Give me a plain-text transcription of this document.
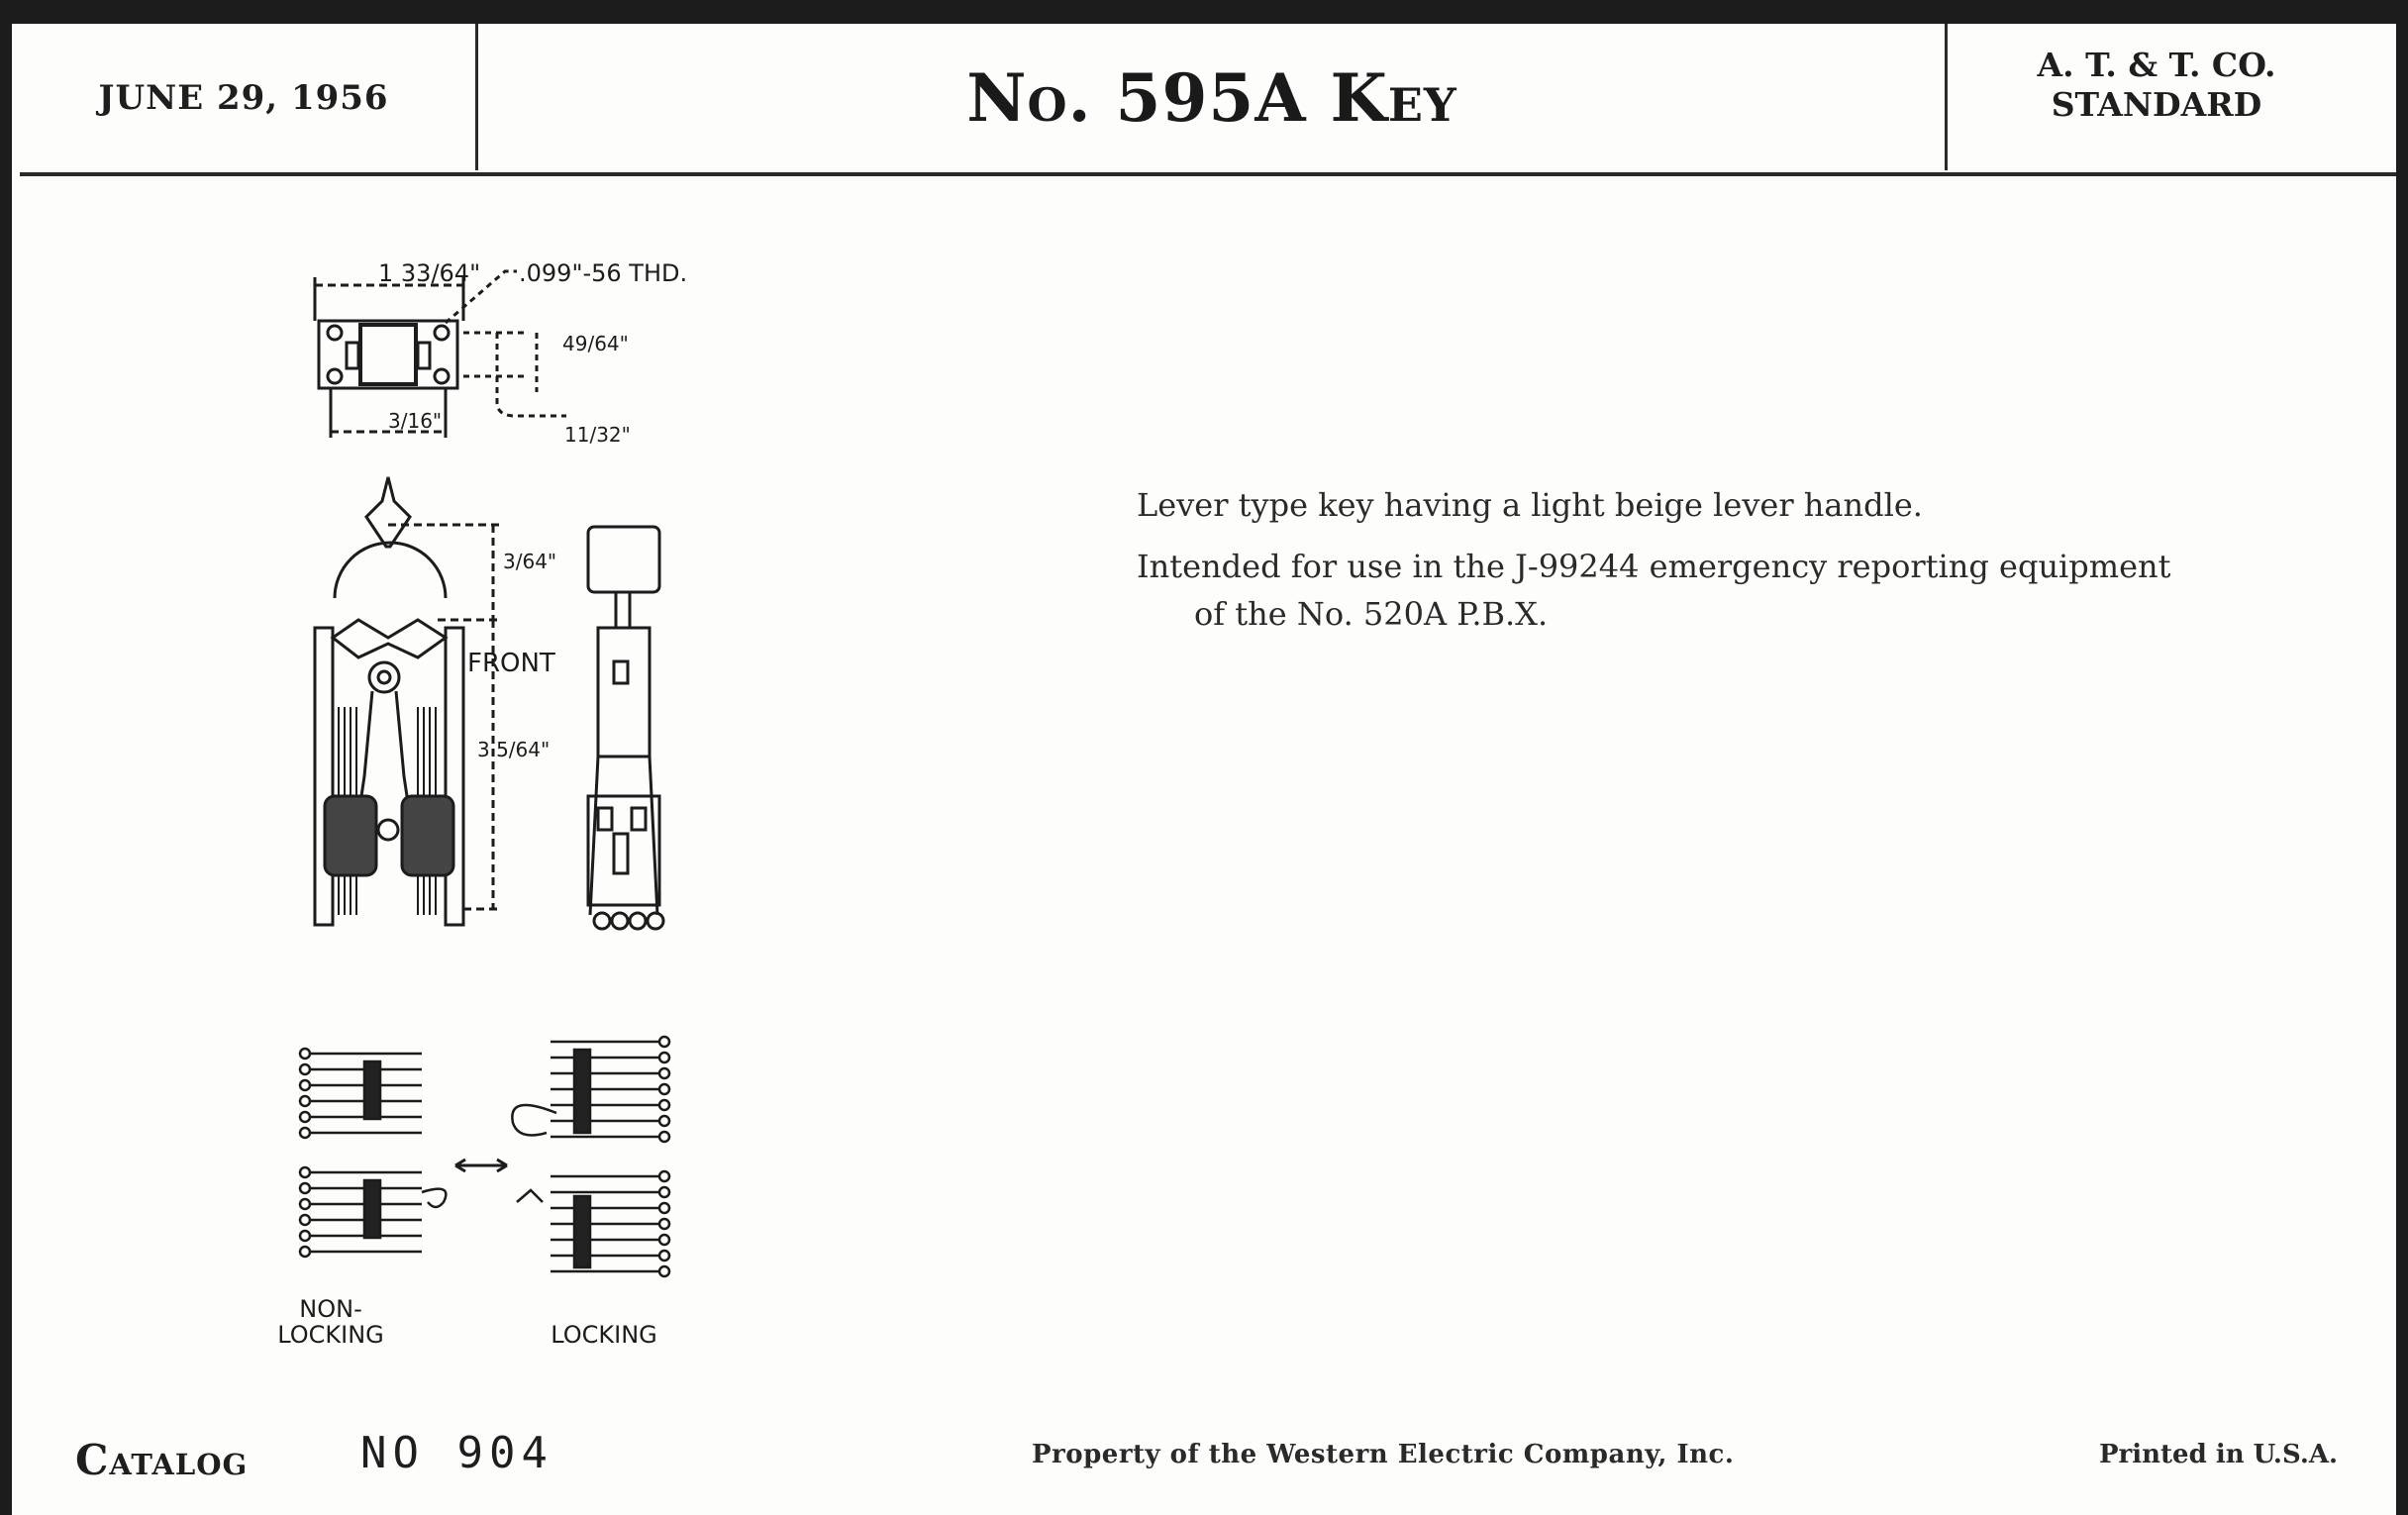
JUNE 29, 1956	No. 595A Key	A. T. & T. CO.
STANDARD
1 33/64" .099"-56 THD.
49/64"
3/16"
11/32"
3/64"
FRONT
3 5/64"
NON-
LOCKING	LOCKING

Lever type key having a light beige lever handle.

Intended for use in the J-99244 emergency reporting equipment of the No. 520A P.B.X.

Catalog	NO 904	Property of the Western Electric Company, Inc.	Printed in U.S.A.
